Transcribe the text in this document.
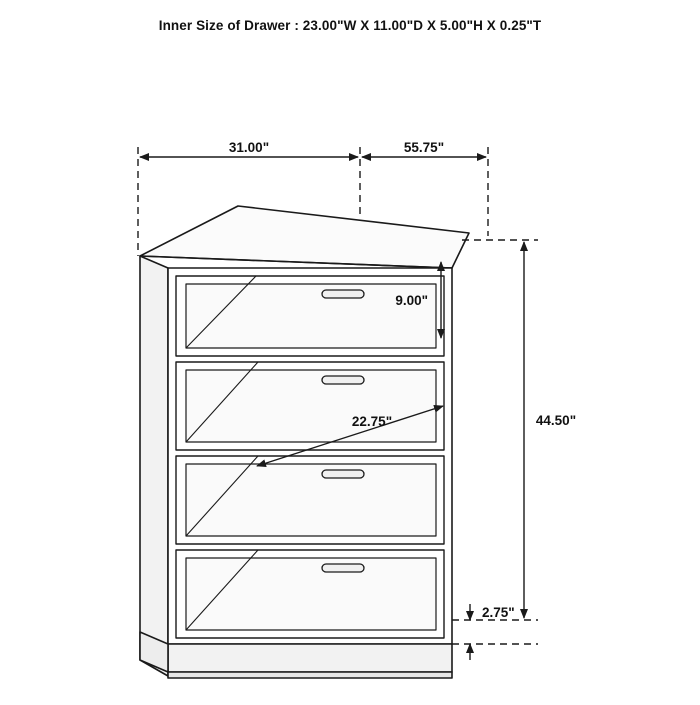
Inner Size of Drawer : 23.00"W X 11.00"D X 5.00"H X 0.25"T
31.00"	55.75"
9.00"
22.75"	44.50"
2.75"
